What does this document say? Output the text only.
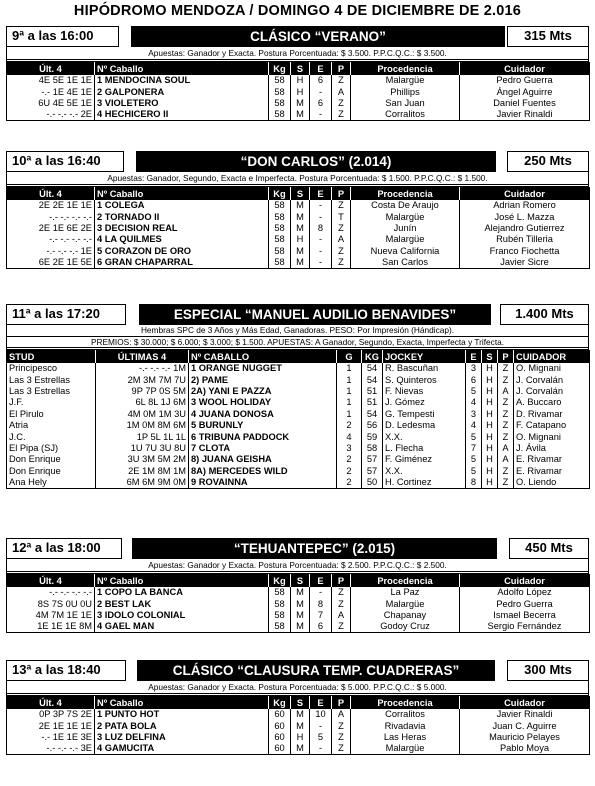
HIPÓDROMO MENDOZA / DOMINGO 4 DE DICIEMBRE DE 2.016
9ª a las 16:00	CLÁSICO “VERANO”	315 Mts
Apuestas: Ganador y Exacta. Postura Porcentuada: $ 3.500. P.P.C.Q.C.: $ 3.500.
Últ. 4	Nº Caballo	Kg	S	E	P	Procedencia	Cuidador
4E 5E 1E 1E	1 MENDOCINA SOUL	58	H	6	Z	Malargüe	Pedro Guerra
-.- 1E 4E 1E	2 GALPONERA	58	H	-	A	Phillips	Ángel Aguirre
6U 4E 5E 1E	3 VIOLETERO	58	M	6	Z	San Juan	Daniel Fuentes
-.- -.- -.- 2E	4 HECHICERO II	58	M	-	Z	Corralitos	Javier Rinaldi
10ª a las 16:40	“DON CARLOS” (2.014)	250 Mts
Apuestas: Ganador, Segundo, Exacta e Imperfecta. Postura Porcentuada: $ 1.500. P.P.C.Q.C.: $ 1.500.
Últ. 4	Nº Caballo	Kg	S	E	P	Procedencia	Cuidador
2E 2E 1E 1E	1 COLEGA	58	M	-	Z	Costa De Araujo	Adrian Romero
-.- -.- -.- -.-	2 TORNADO II	58	M	-	T	Malargüe	José L. Mazza
2E 1E 6E 2E	3 DECISION REAL	58	M	8	Z	Junín	Alejandro Gutierrez
-.- -.- -.- -.-	4 LA QUILMES	58	H	-	A	Malargüe	Rubén Tilleria
-.- -.- -.- 1E	5 CORAZON DE ORO	58	M	-	Z	Nueva California	Franco Fiochetta
6E 2E 1E 5E	6 GRAN CHAPARRAL	58	M	-	Z	San Carlos	Javier Sicre
11ª a las 17:20	ESPECIAL “MANUEL AUDILIO BENAVIDES”	1.400 Mts
Hembras SPC de 3 Años y Más Edad, Ganadoras. PESO: Por Impresión (Hándicap).
PREMIOS: $ 30.000; $ 6.000; $ 3.000; $ 1.500. APUESTAS: A Ganador, Segundo, Exacta, Imperfecta y Trifecta.
STUD	ÚLTIMAS 4	Nº CABALLO	G	KG	JOCKEY	E	S	P	CUIDADOR
Principesco	-.- -.- -.- 1M	1 ORANGE NUGGET	1	54	R. Bascuñan	3	H	Z	O. Mignani
Las 3 Estrellas	2M 3M 7M 7U	2) PAME	1	54	S. Quinteros	6	H	Z	J. Corvalán
Las 3 Estrellas	9P 7P 0S 5M	2A) YANI E PAZZA	1	51	F. Nievas	5	H	A	J. Corvalán
J.F.	6L 8L 1J 6M	3 WOOL HOLIDAY	1	51	J. Gómez	4	H	Z	A. Buccaro
El Pirulo	4M 0M 1M 3U	4 JUANA DONOSA	1	54	G. Tempesti	3	H	Z	D. Rivamar
Atria	1M 0M 8M 6M	5 BURUNLY	2	56	D. Ledesma	4	H	Z	F. Catapano
J.C.	1P 5L 1L 1L	6 TRIBUNA PADDOCK	4	59	X.X.	5	H	Z	O. Mignani
El Pipa (SJ)	1U 7U 3U 8U	7 CLOTA	3	58	L. Flecha	7	H	A	J. Ávila
Don Enrique	3U 3M 5M 2M	8) JUANA GEISHA	2	57	F. Giménez	5	H	A	E. Rivamar
Don Enrique	2E 1M 8M 1M	8A) MERCEDES WILD	2	57	X.X.	5	H	Z	E. Rivamar
Ana Hely	6M 6M 9M 0M	9 ROVAINNA	2	50	H. Cortinez	8	H	Z	O. Liendo
12ª a las 18:00	“TEHUANTEPEC” (2.015)	450 Mts
Apuestas: Ganador y Exacta. Postura Porcentuada: $ 2.500. P.P.C.Q.C.: $ 2.500.
Últ. 4	Nº Caballo	Kg	S	E	P	Procedencia	Cuidador
-.- -.- -.- -.-	1 COPO LA BANCA	58	M	-	Z	La Paz	Adolfo López
8S 7S 0U 0U	2 BEST LAK	58	M	8	Z	Malargüe	Pedro Guerra
4M 7M 1E 1E	3 IDOLO COLONIAL	58	M	7	A	Chapanay	Ismael Becerra
1E 1E 1E 8M	4 GAEL MAN	58	M	6	Z	Godoy Cruz	Sergio Fernández
13ª a las 18:40	CLÁSICO “CLAUSURA TEMP. CUADRERAS”	300 Mts
Apuestas: Ganador y Exacta. Postura Porcentuada: $ 5.000. P.P.C.Q.C.: $ 5.000.
Últ. 4	Nº Caballo	Kg	S	E	P	Procedencia	Cuidador
0P 3P 7S 2E	1 PUNTO HOT	60	M	10	A	Corralitos	Javier Rinaldi
2E 1E 1E 1E	2 PATA BOLA	60	M	-	Z	Rivadavia	Juan C. Aguirre
-.- 1E 1E 3E	3 LUZ DELFINA	60	H	5	Z	Las Heras	Mauricio Pelayes
-.- -.- -.- 3E	4 GAMUCITA	60	M	-	Z	Malargüe	Pablo Moya
